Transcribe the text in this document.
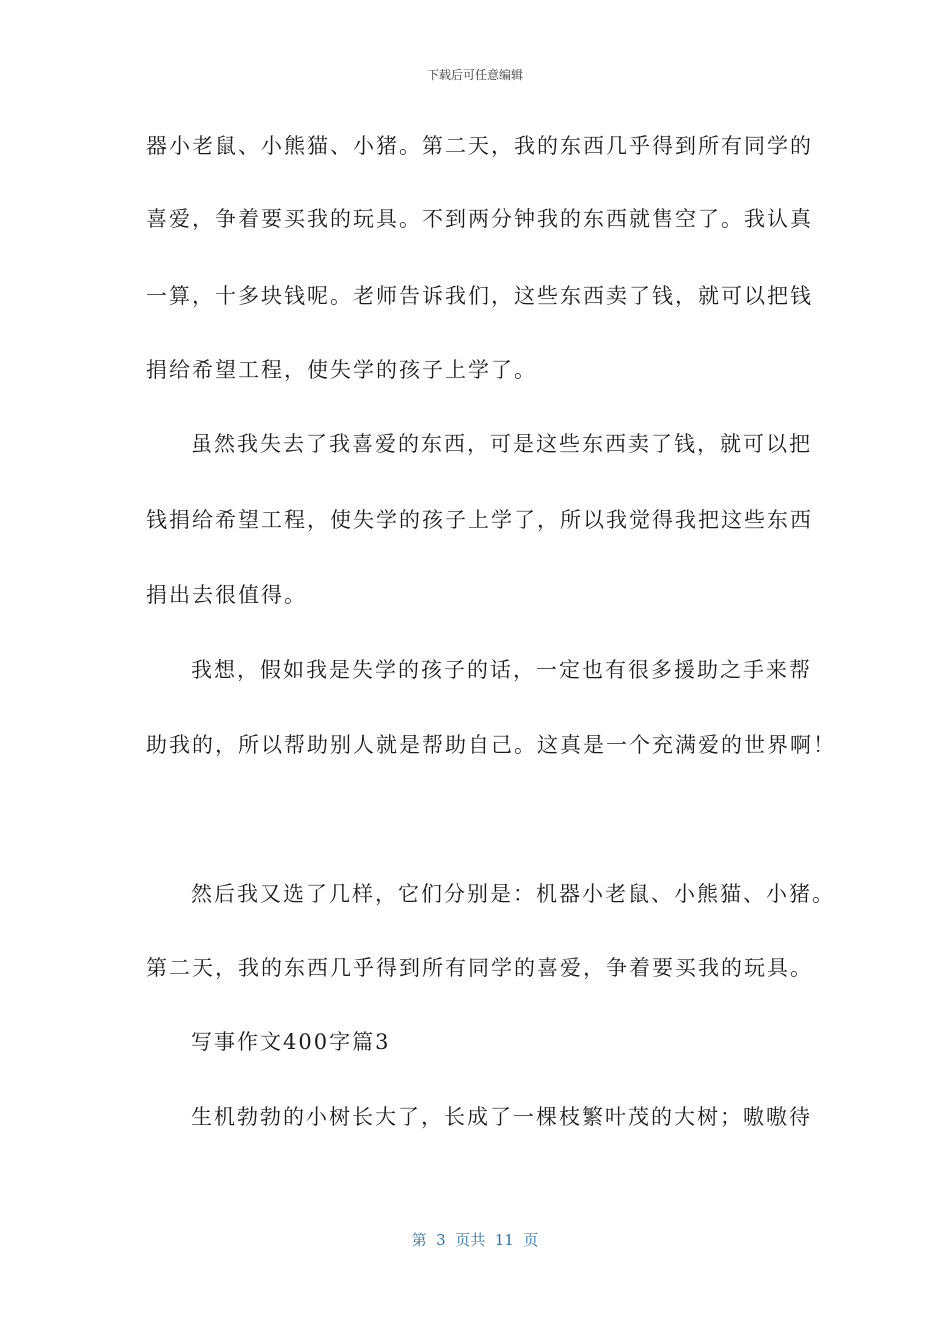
下载后可任意编辑
器小老鼠、小熊猫、小猪。第二天，我的东西几乎得到所有同学的
喜爱，争着要买我的玩具。不到两分钟我的东西就售空了。我认真
一算，十多块钱呢。老师告诉我们，这些东西卖了钱，就可以把钱
捐给希望工程，使失学的孩子上学了。
虽然我失去了我喜爱的东西，可是这些东西卖了钱，就可以把
钱捐给希望工程，使失学的孩子上学了，所以我觉得我把这些东西
捐出去很值得。
我想，假如我是失学的孩子的话，一定也有很多援助之手来帮
助我的，所以帮助别人就是帮助自己。这真是一个充满爱的世界啊！
然后我又选了几样，它们分别是：机器小老鼠、小熊猫、小猪。
第二天，我的东西几乎得到所有同学的喜爱，争着要买我的玩具。
写事作文400字篇3
生机勃勃的小树长大了，长成了一棵枝繁叶茂的大树；嗷嗷待
第  3  页共  11  页
